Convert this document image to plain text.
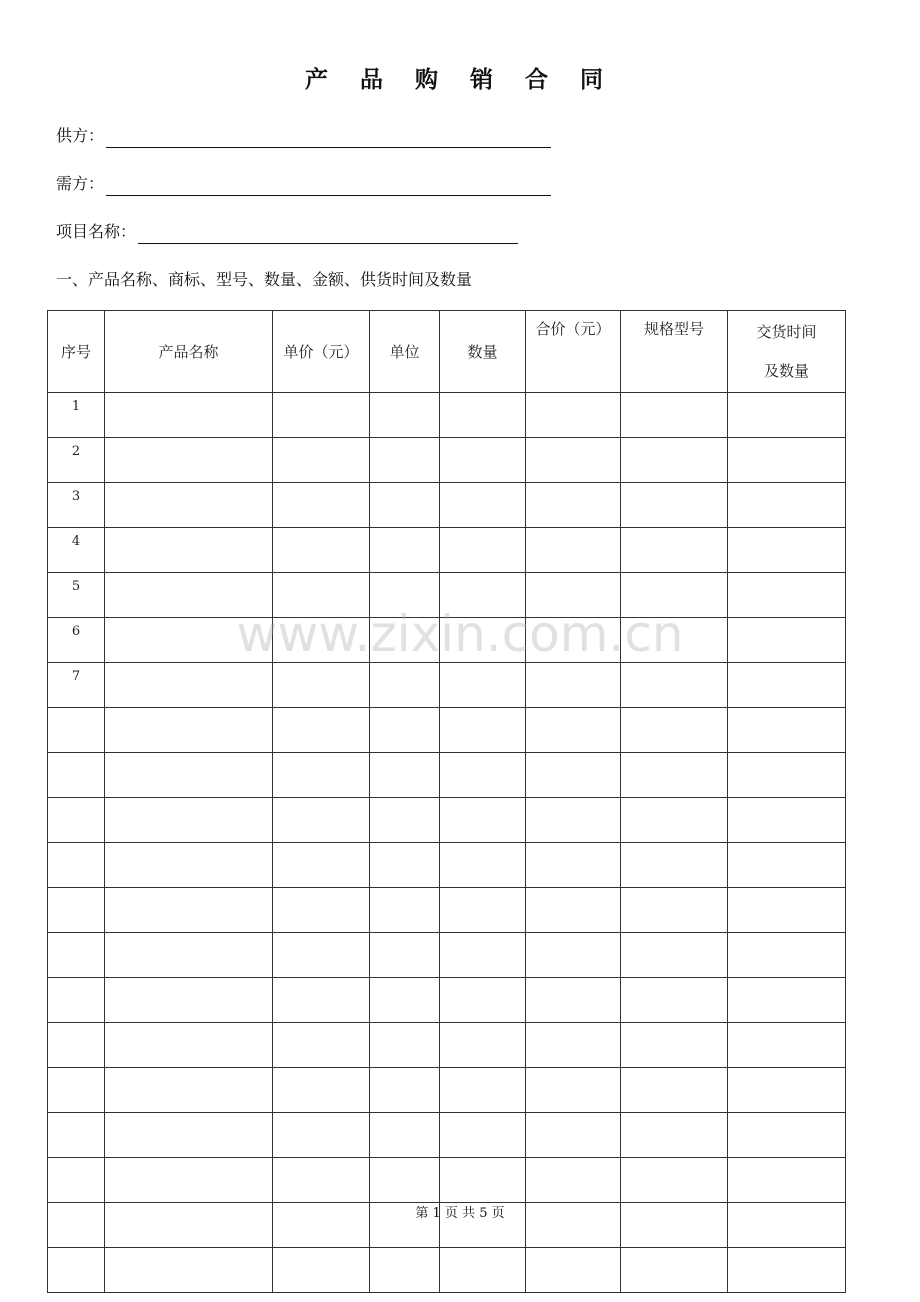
产 品 购 销 合 同
供方：
需方：
项目名称：
一、产品名称、商标、型号、数量、金额、供货时间及数量
序号	产品名称	单价（元）	单位	数量	合价（元）	规格型号	交货时间
及数量

1							
2							
3							
4							
5							
6							
7							

www.zixin.com.cn
第 1 页 共 5 页
